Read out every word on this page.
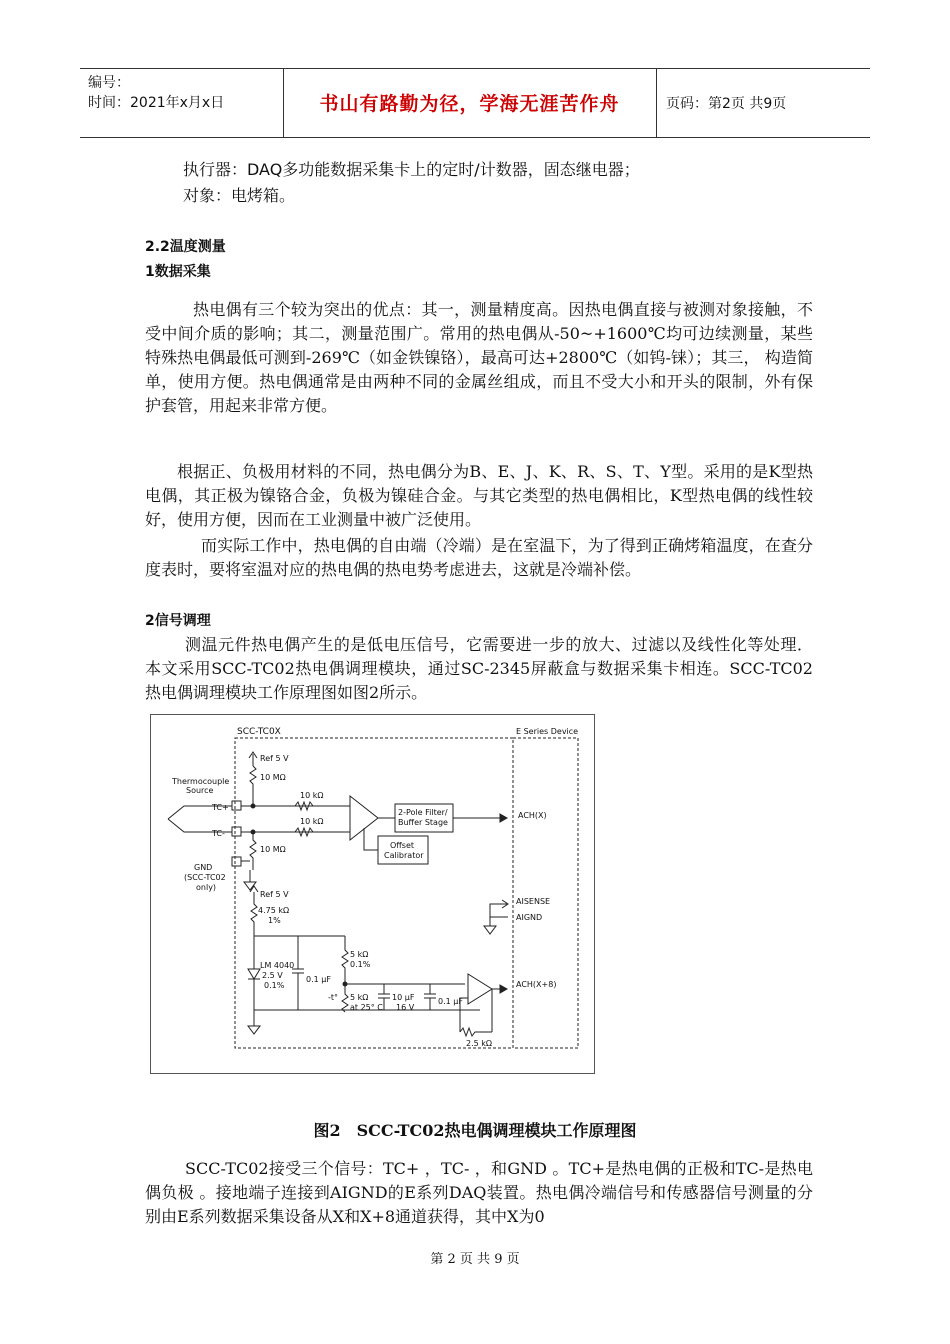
编号：
时间：2021年x月x日	书山有路勤为径，学海无涯苦作舟	页码：第2页 共9页
执行器：DAQ多功能数据采集卡上的定时/计数器，固态继电器；
对象：电烤箱。
2.2温度测量
1数据采集
热电偶有三个较为突出的优点：其一，测量精度高。因热电偶直接与被测对象接触，不受中间介质的影响；其二，测量范围广。常用的热电偶从-50~+1600℃均可边续测量，某些特殊热电偶最低可测到-269℃（如金铁镍铬），最高可达+2800℃（如钨-铼）；其三， 构造简单，使用方便。热电偶通常是由两种不同的金属丝组成，而且不受大小和开头的限制，外有保护套管，用起来非常方便。
根据正、负极用材料的不同，热电偶分为B、E、J、K、R、S、T、Y型。采用的是K型热电偶，其正极为镍铬合金，负极为镍硅合金。与其它类型的热电偶相比，K型热电偶的线性较好，使用方便，因而在工业测量中被广泛使用。
而实际工作中，热电偶的自由端（冷端）是在室温下，为了得到正确烤箱温度，在查分度表时，要将室温对应的热电偶的热电势考虑进去，这就是冷端补偿。
2信号调理
测温元件热电偶产生的是低电压信号，它需要进一步的放大、过滤以及线性化等处理． 本文采用SCC-TC02热电偶调理模块，通过SC-2345屏蔽盒与数据采集卡相连。SCC-TC02热电偶调理模块工作原理图如图2所示。
SCC-TC0X	E Series Device
Ref 5 V
10 MΩ
Thermocouple
Source
TC+
TC-
10 kΩ
10 kΩ
2-Pole Filter/
Buffer Stage
ACH(X)
Offset
Calibrator
10 MΩ
GND
(SCC-TC02
only)
Ref 5 V
4.75 kΩ
1%
AISENSE
AIGND
5 kΩ
0.1%
LM 4040
2.5 V
0.1%
0.1 μF
ACH(X+8)
-t° 5 kΩ
at 25° C
10 μF
16 V
0.1 μF
2.5 kΩ
图2　SCC-TC02热电偶调理模块工作原理图
SCC-TC02接受三个信号：TC+ ，TC- ，和GND 。TC+是热电偶的正极和TC-是热电偶负极 。接地端子连接到AIGND的E系列DAQ装置。热电偶冷端信号和传感器信号测量的分别由E系列数据采集设备从X和X+8通道获得，其中X为0
第 2 页 共 9 页
